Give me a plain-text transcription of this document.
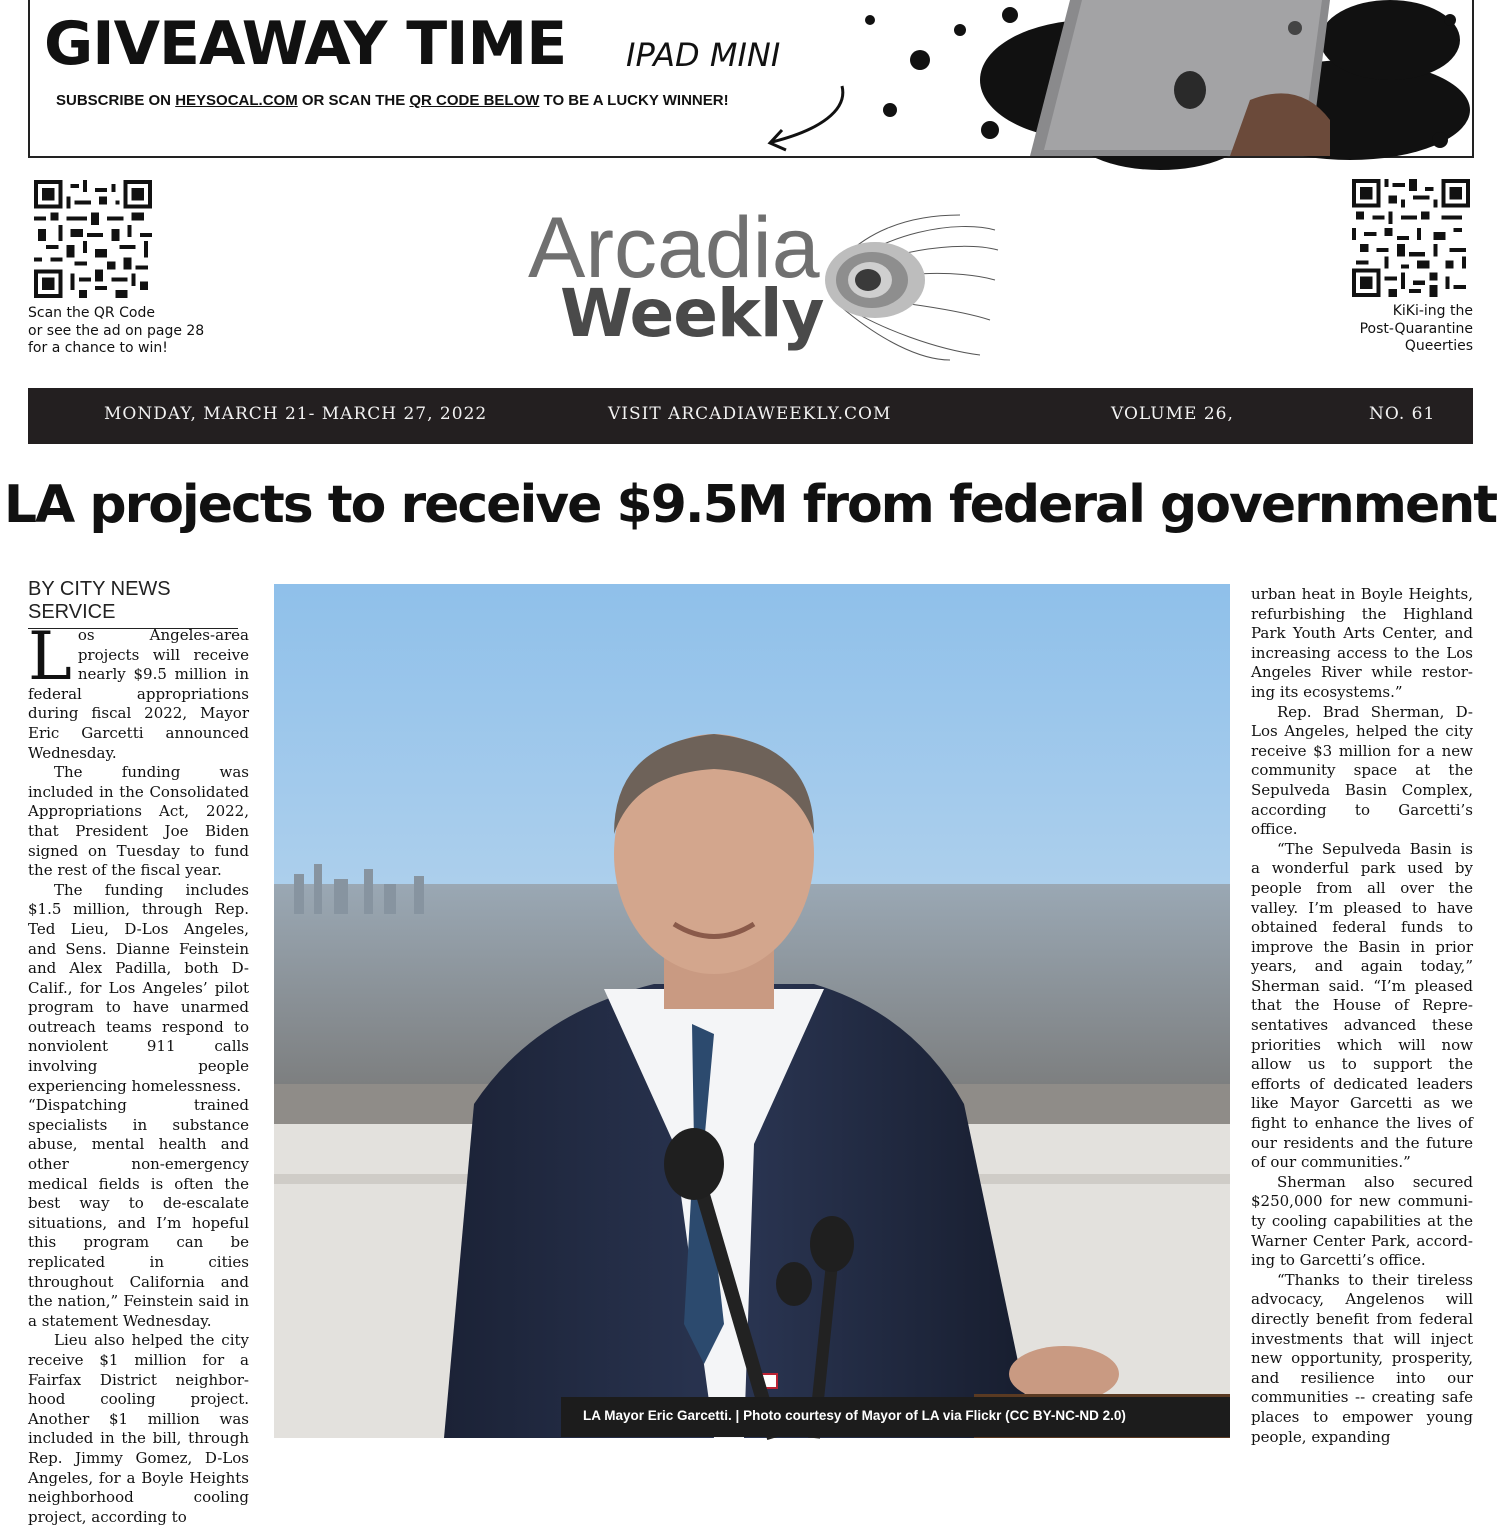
GIVEAWAY TIME IPAD MINI
SUBSCRIBE ON HEYSOCAL.COM OR SCAN THE QR CODE BELOW TO BE A LUCKY WINNER!
Scan the QR Code
or see the ad on page 28
for a chance to win!
Arcadia
Weekly	KiKi-ing the
Post-Quarantine
Queerties
MONDAY, MARCH 21- MARCH 27, 2022	VISIT ARCADIAWEEKLY.COM	VOLUME 26,	NO. 61
LA projects to receive $9.5M from federal government
BY CITY NEWS SERVICE

Los Angeles-area projects will receive nearly $9.5 million in federal appropriations during fiscal 2022, Mayor Eric Garcetti announced Wednesday.

The funding was included in the Consolidated Appropriations Act, 2022, that President Joe Biden signed on Tuesday to fund the rest of the fiscal year.

The funding includes $1.5 million, through Rep. Ted Lieu, D-Los Angeles, and Sens. Dianne Feinstein and Alex Padilla, both D-Calif., for Los Angeles’ pilot program to have unarmed outreach teams respond to nonviolent 911 calls involving people experiencing homelessness.

“Dispatching trained specialists in substance abuse, mental health and other non-emergency medical fields is often the best way to de-escalate situations, and I’m hopeful this program can be replicated in cities throughout California and the nation,” Feinstein said in a statement Wednesday.

Lieu also helped the city receive $1 million for a Fairfax District neighborhood cooling project. Another $1 million was included in the bill, through Rep. Jimmy Gomez, D-Los Angeles, for a Boyle Heights neighborhood cooling project, according to

LA Mayor Eric Garcetti. | Photo courtesy of Mayor of LA via Flickr (CC BY-NC-ND 2.0)

urban heat in Boyle Heights, refurbishing the Highland Park Youth Arts Center, and increasing access to the Los Angeles River while restoring its ecosystems.”

Rep. Brad Sherman, D-Los Angeles, helped the city receive $3 million for a new community space at the Sepulveda Basin Complex, according to Garcetti’s office.

“The Sepulveda Basin is a wonderful park used by people from all over the valley. I’m pleased to have obtained federal funds to improve the Basin in prior years, and again today,” Sherman said. “I’m pleased that the House of Representatives advanced these priorities which will now allow us to support the efforts of dedicated leaders like Mayor Garcetti as we fight to enhance the lives of our residents and the future of our communities.”

Sherman also secured $250,000 for new community cooling capabilities at the Warner Center Park, according to Garcetti’s office.

“Thanks to their tireless advocacy, Angelenos will directly benefit from federal investments that will inject new opportunity, prosperity, and resilience into our communities -- creating safe places to empower young people, expanding
